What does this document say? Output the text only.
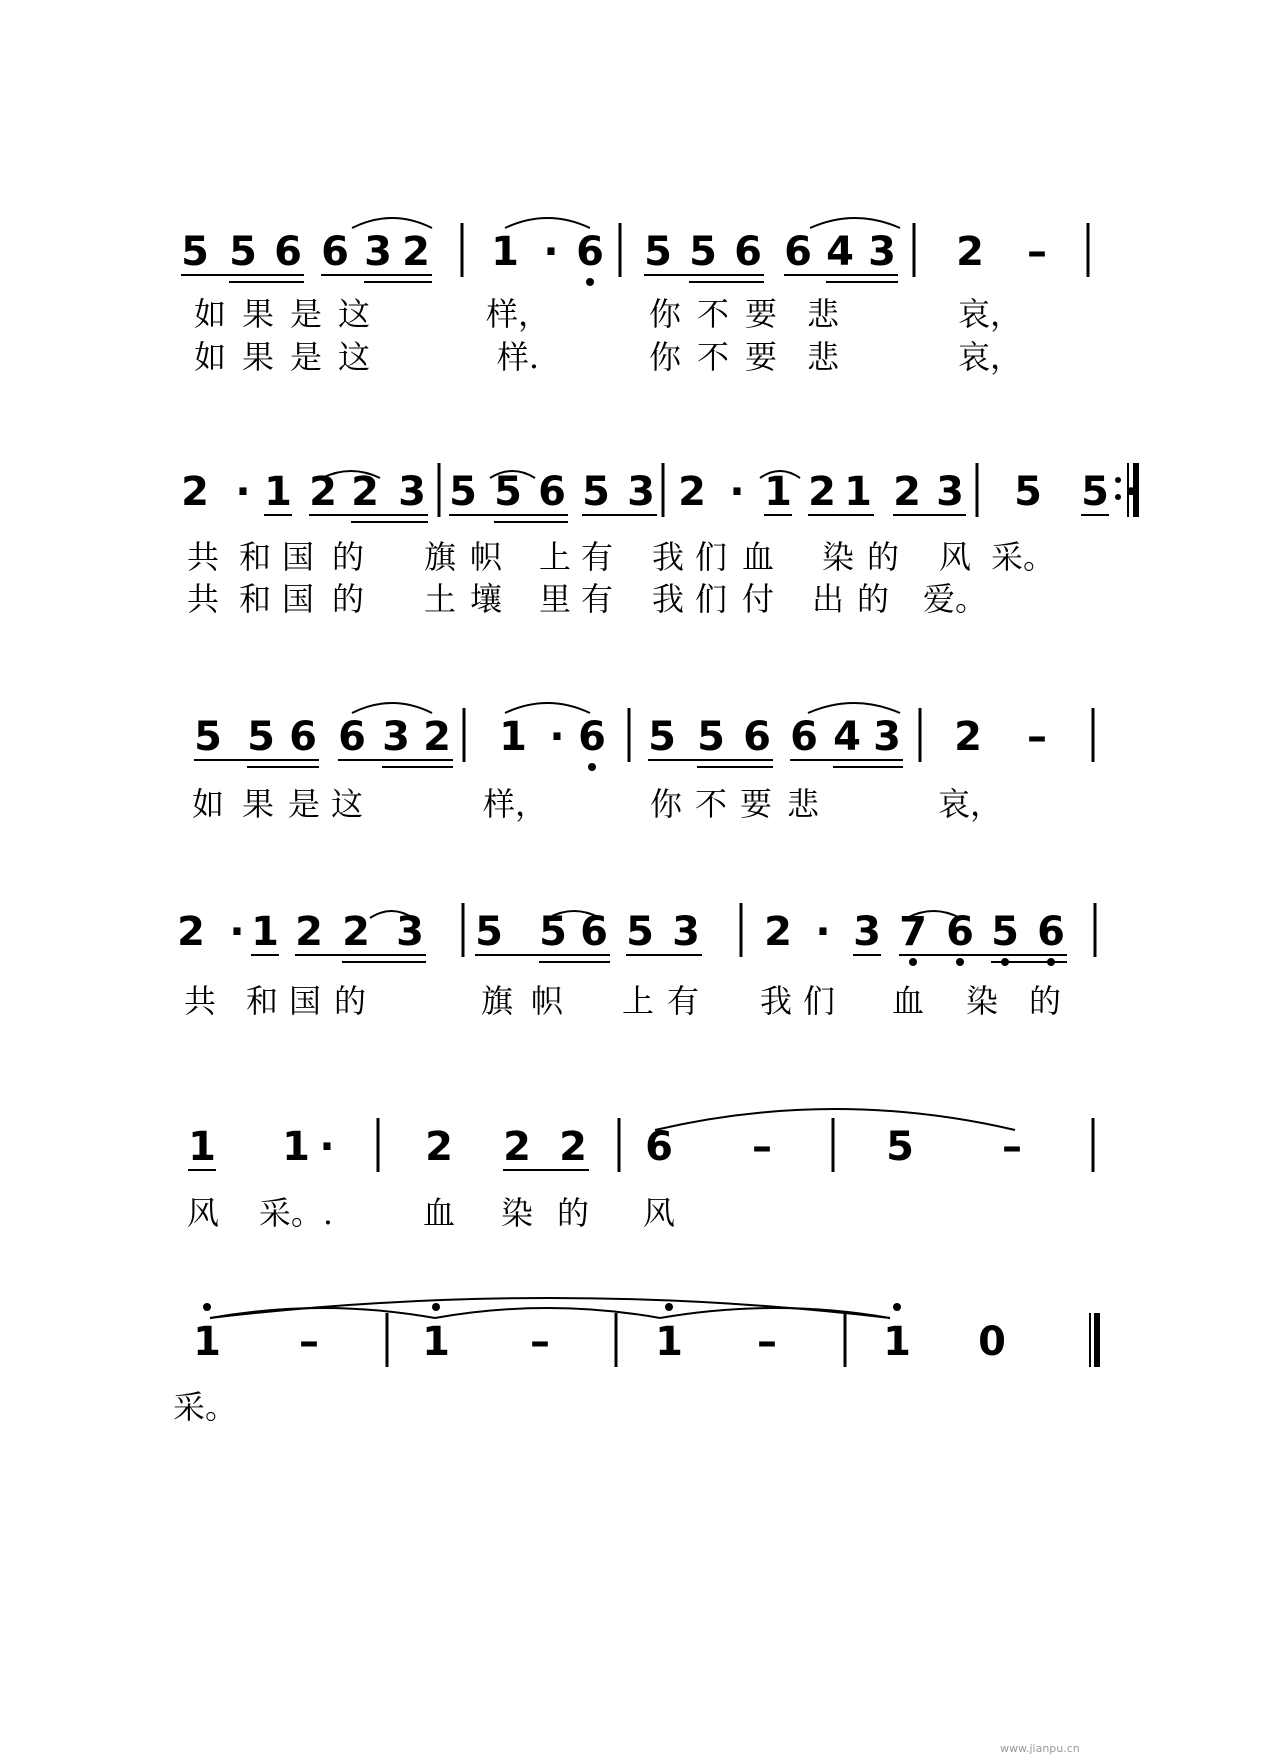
5 5 6 6 3 2 1 · 6 5 5 6 6 4 3 2 –
2 · 1 2 2 3 5 5 6 5 3 2 · 1 2 1 2 3 5 5 ·
5 5 6 6 3 2 1 · 6 5 5 6 6 4 3 2 –
2 · 1 2 2 3 5 5 6 5 3 2 · 3 7 6 5 6
1 1 · 2 2 2 6 –	5 –
1 –	1 –	1 –	1 0
如 果 是 这	样，	你 不 要 悲	哀，
如 果 是 这	样.	你 不 要 悲	哀，
共 和 国 的 旗 帜 上 有 我 们 血 染 的 风 采。
共 和 国 的 土 壤 里 有 我 们 付 出 的 爱。
如 果 是 这	样，	你 不 要 悲	哀，
共 和 国 的	旗 帜 上 有 我 们 血 染 的
风 采。.	血 染 的 风
采。
www.jianpu.cn
